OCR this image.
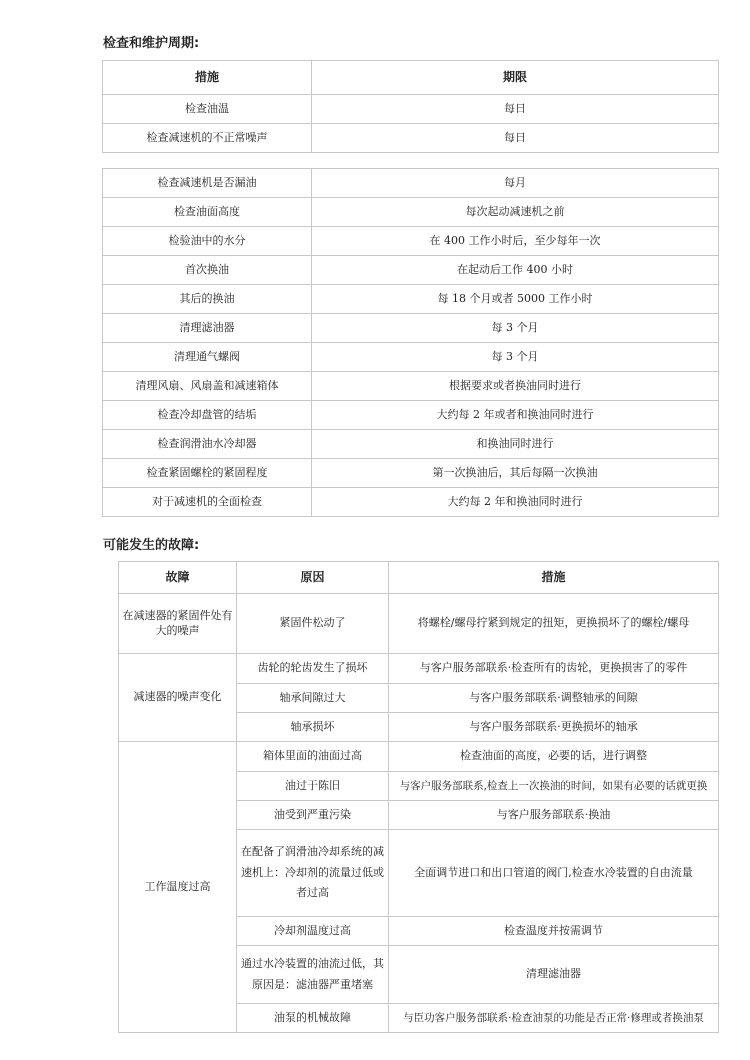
检查和维护周期:
措施	期限
检查油温	每日
检查减速机的不正常噪声	每日
检查减速机是否漏油	每月
检查油面高度	每次起动减速机之前
检验油中的水分	在 400 工作小时后，至少每年一次
首次换油	在起动后工作 400 小时
其后的换油	每 18 个月或者 5000 工作小时
清理滤油器	每 3 个月
清理通气螺阀	每 3 个月
清理风扇、风扇盖和减速箱体	根据要求或者换油同时进行
检查冷却盘管的结垢	大约每 2 年或者和换油同时进行
检查润滑油水冷却器	和换油同时进行
检查紧固螺栓的紧固程度	第一次换油后，其后每隔一次换油
对于减速机的全面检查	大约每 2 年和换油同时进行
可能发生的故障:
故障	原因	措施
在减速器的紧固件处有大的噪声	紧固件松动了	将螺栓/螺母拧紧到规定的扭矩，更换损坏了的螺栓/螺母
减速器的噪声变化	齿轮的轮齿发生了损坏	与客户服务部联系·检查所有的齿轮，更换损害了的零件
	轴承间隙过大	与客户服务部联系·调整轴承的间隙
	轴承损坏	与客户服务部联系·更换损坏的轴承
工作温度过高	箱体里面的油面过高	检查油面的高度，必要的话，进行调整
	油过于陈旧	与客户服务部联系,检查上一次换油的时间，如果有必要的话就更换
	油受到严重污染	与客户服务部联系·换油
	在配备了润滑油冷却系统的减速机上：冷却剂的流量过低或者过高	全面调节进口和出口管道的阀门,检查水冷装置的自由流量
	冷却剂温度过高	检查温度并按需调节
	通过水冷装置的油流过低，其原因是：滤油器严重堵塞	清理滤油器
	油泵的机械故障	与臣功客户服务部联系·检查油泵的功能是否正常·修理或者换油泵
